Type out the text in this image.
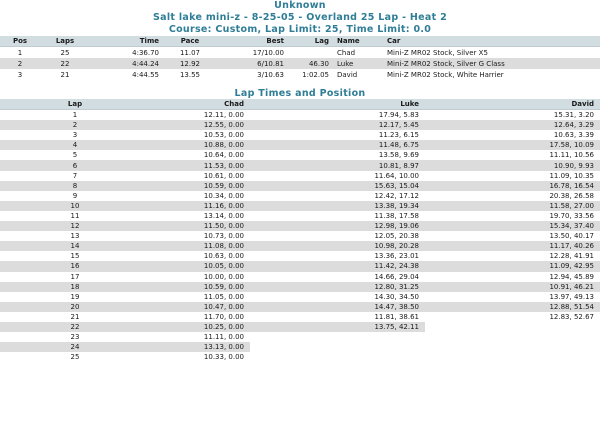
Unknown
Salt lake mini-z - 8-25-05 - Overland 25 Lap - Heat 2
Course: Custom, Lap Limit: 25, Time Limit: 0.0
Pos	Laps	Time	Pace	Best	Lag	Name	Car
1	25	4:36.70	11.07	17/10.00		Chad	Mini-Z MR02 Stock, Silver X5
2	22	4:44.24	12.92	6/10.81	46.30	Luke	Mini-Z MR02 Stock, Silver G Class
3	21	4:44.55	13.55	3/10.63	1:02.05	David	Mini-Z MR02 Stock, White Harrier
Lap Times and Position
Lap	Chad	Luke	David
1	12.11, 0.00	17.94, 5.83	15.31, 3.20
2	12.55, 0.00	12.17, 5.45	12.64, 3.29
3	10.53, 0.00	11.23, 6.15	10.63, 3.39
4	10.88, 0.00	11.48, 6.75	17.58, 10.09
5	10.64, 0.00	13.58, 9.69	11.11, 10.56
6	11.53, 0.00	10.81, 8.97	10.90, 9.93
7	10.61, 0.00	11.64, 10.00	11.09, 10.35
8	10.59, 0.00	15.63, 15.04	16.78, 16.54
9	10.34, 0.00	12.42, 17.12	20.38, 26.58
10	11.16, 0.00	13.38, 19.34	11.58, 27.00
11	13.14, 0.00	11.38, 17.58	19.70, 33.56
12	11.50, 0.00	12.98, 19.06	15.34, 37.40
13	10.73, 0.00	12.05, 20.38	13.50, 40.17
14	11.08, 0.00	10.98, 20.28	11.17, 40.26
15	10.63, 0.00	13.36, 23.01	12.28, 41.91
16	10.05, 0.00	11.42, 24.38	11.09, 42.95
17	10.00, 0.00	14.66, 29.04	12.94, 45.89
18	10.59, 0.00	12.80, 31.25	10.91, 46.21
19	11.05, 0.00	14.30, 34.50	13.97, 49.13
20	10.47, 0.00	14.47, 38.50	12.88, 51.54
21	11.70, 0.00	11.81, 38.61	12.83, 52.67
22	10.25, 0.00	13.75, 42.11	
23	11.11, 0.00		
24	13.13, 0.00		
25	10.33, 0.00		
